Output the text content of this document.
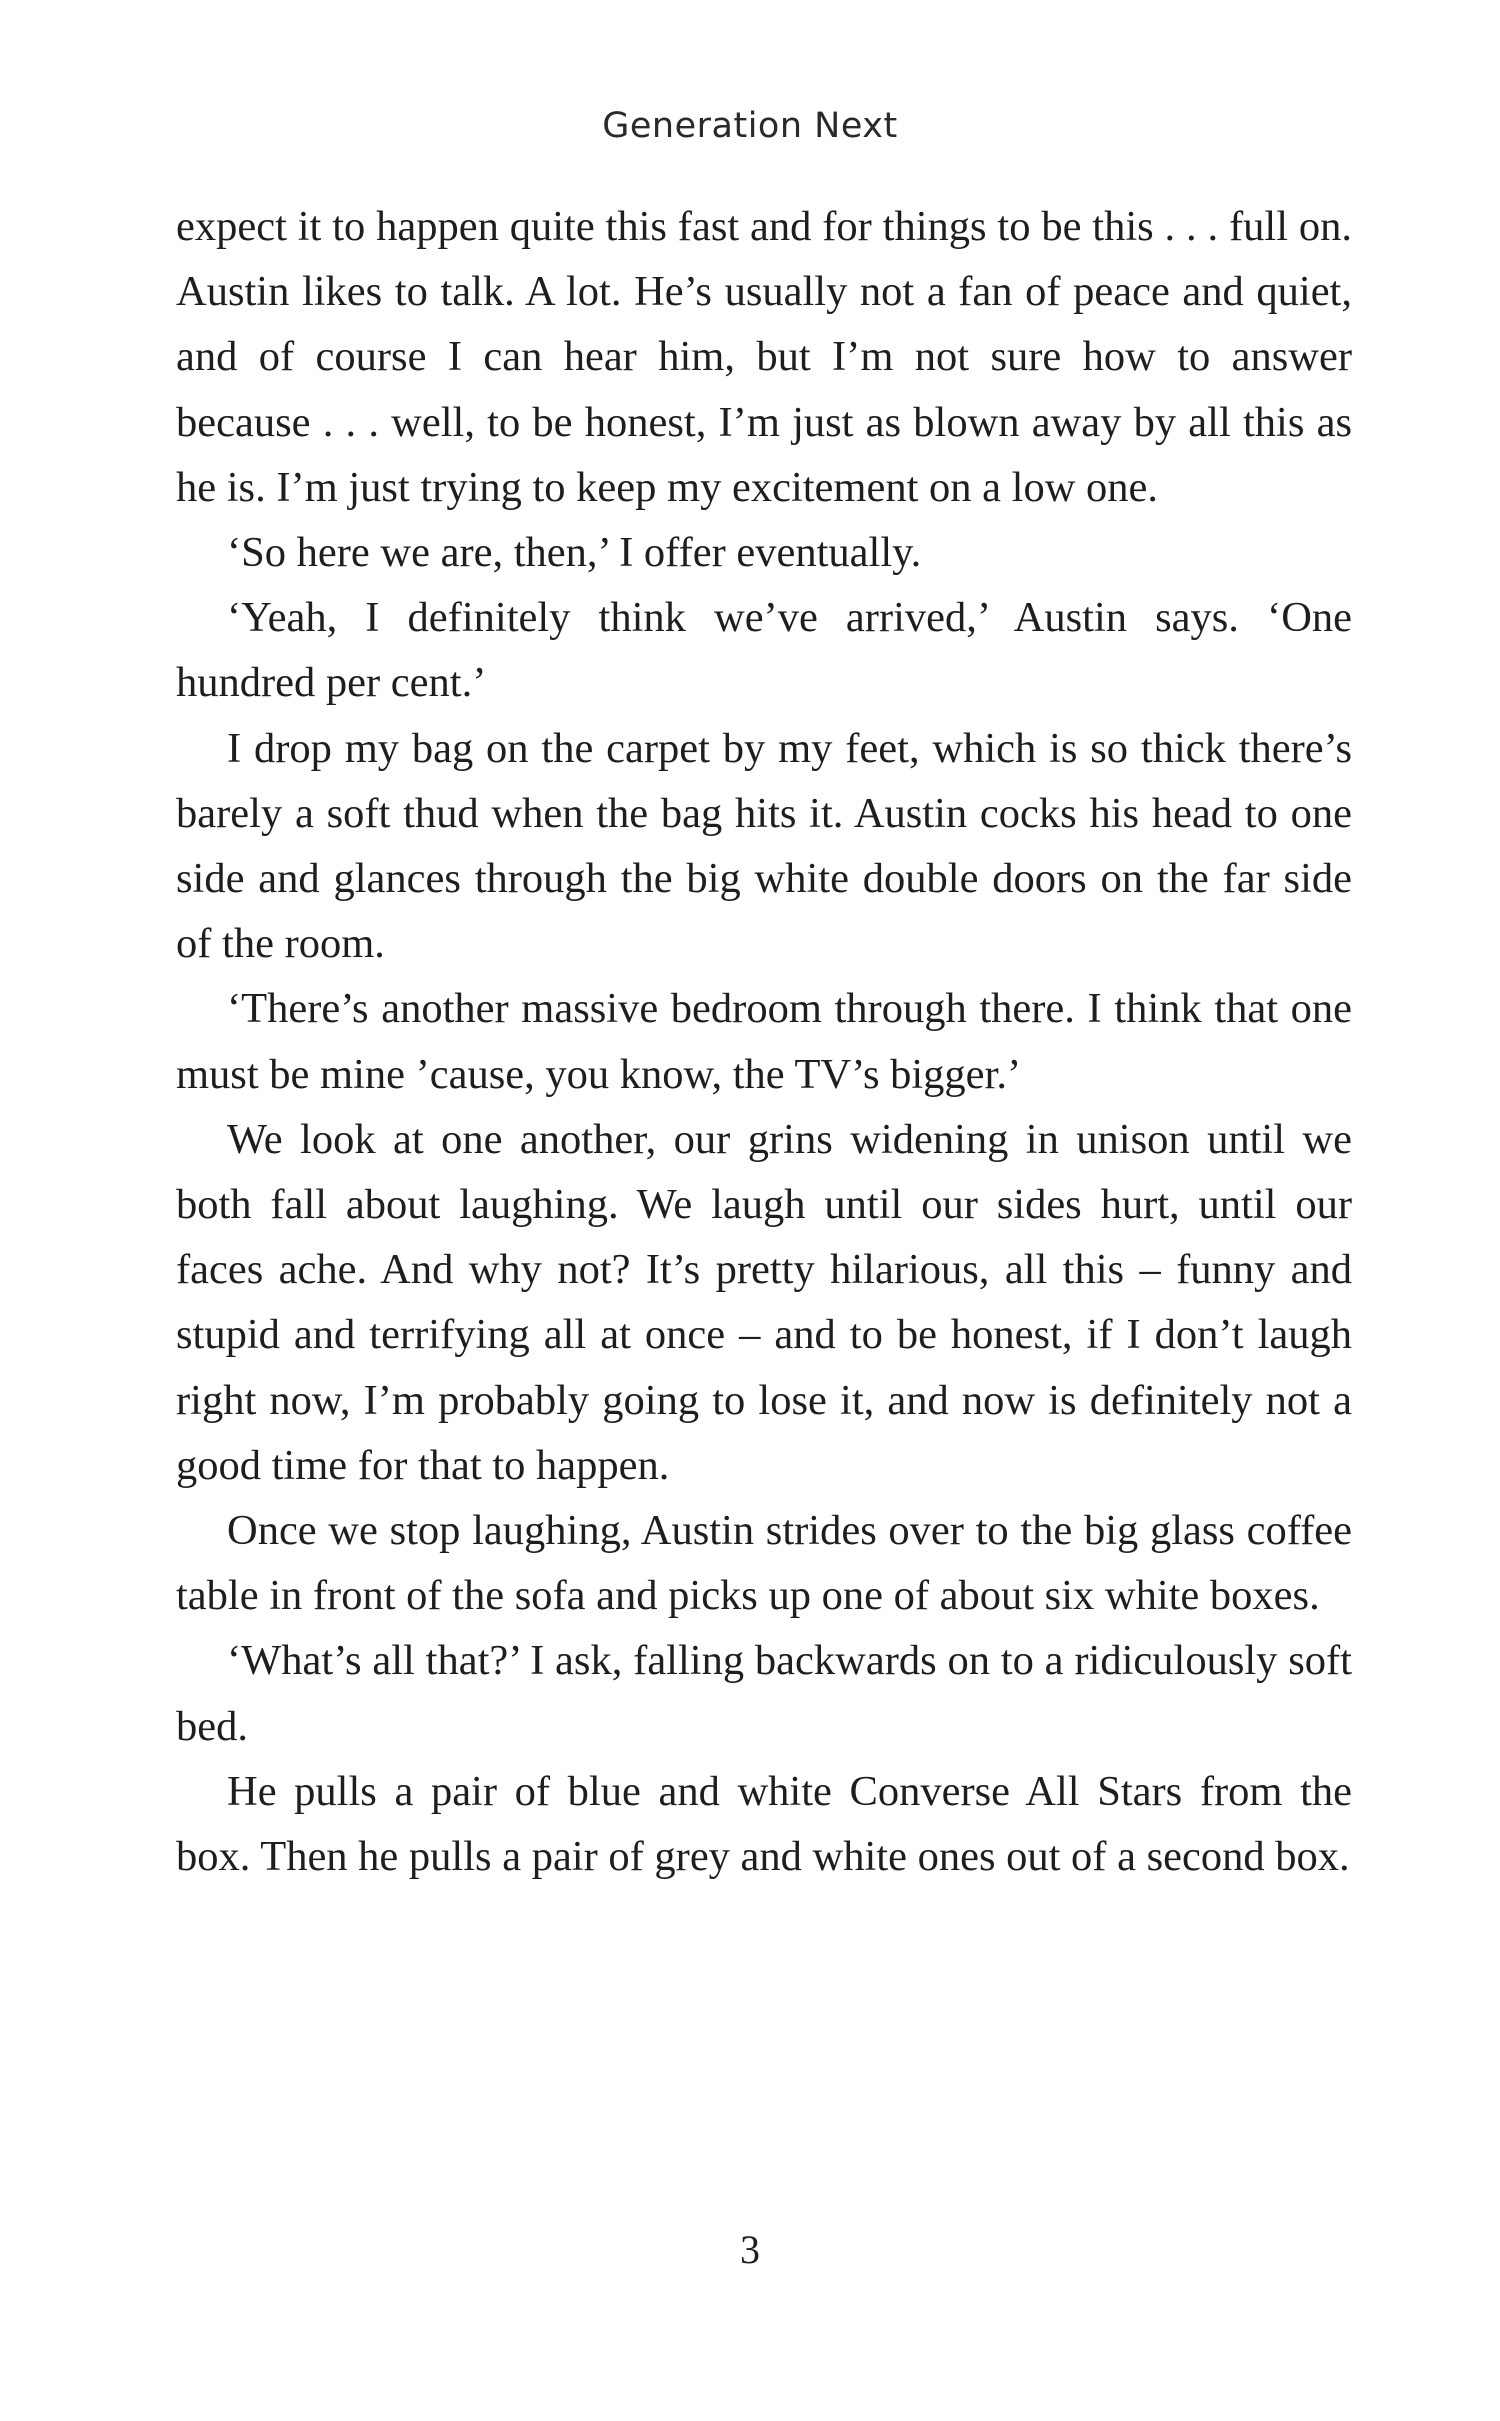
Generation Next

expect it to happen quite this fast and for things to be this . . . full on. Austin likes to talk. A lot. He’s usually not a fan of peace and quiet, and of course I can hear him, but I’m not sure how to answer because . . . well, to be honest, I’m just as blown away by all this as he is. I’m just trying to keep my excitement on a low one.

‘So here we are, then,’ I offer eventually.

‘Yeah, I definitely think we’ve arrived,’ Austin says. ‘One hundred per cent.’

I drop my bag on the carpet by my feet, which is so thick there’s barely a soft thud when the bag hits it. Austin cocks his head to one side and glances through the big white double doors on the far side of the room.

‘There’s another massive bedroom through there. I think that one must be mine ’cause, you know, the TV’s bigger.’

We look at one another, our grins widening in unison until we both fall about laughing. We laugh until our sides hurt, until our faces ache. And why not? It’s pretty hilarious, all this – funny and stupid and terrifying all at once – and to be honest, if I don’t laugh right now, I’m probably going to lose it, and now is definitely not a good time for that to happen.

Once we stop laughing, Austin strides over to the big glass coffee table in front of the sofa and picks up one of about six white boxes.

‘What’s all that?’ I ask, falling backwards on to a ridiculously soft bed.

He pulls a pair of blue and white Converse All Stars from the box. Then he pulls a pair of grey and white ones out of a second box.

3
